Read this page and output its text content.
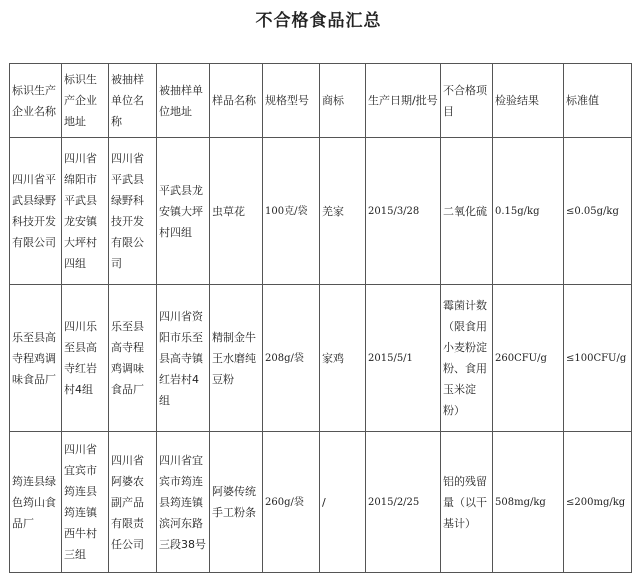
不合格食品汇总
标识生产企业名称	标识生产企业地址	被抽样单位名称	被抽样单位地址	样品名称	规格型号	商标	生产日期/批号	不合格项目	检验结果	标准值
四川省平武县绿野科技开发有限公司	四川省绵阳市平武县龙安镇大坪村四组	四川省平武县绿野科技开发有限公司	平武县龙安镇大坪村四组	虫草花	100克/袋	羌家	2015/3/28	二氧化硫	0.15g/kg	≤0.05g/kg
乐至县高寺程鸡调味食品厂	四川乐至县高寺红岩村4组	乐至县高寺程鸡调味食品厂	四川省资阳市乐至县高寺镇红岩村4组	精制金牛王水磨纯豆粉	208g/袋	家鸡	2015/5/1	霉菌计数（限食用小麦粉淀粉、食用玉米淀粉）	260CFU/g	≤100CFU/g
筠连县绿色筠山食品厂	四川省宜宾市筠连县筠连镇西牛村三组	四川省阿婆农副产品有限责任公司	四川省宜宾市筠连县筠连镇滨河东路三段38号	阿婆传统手工粉条	260g/袋	/	2015/2/25	铝的残留量（以干基计）	508mg/kg	≤200mg/kg
